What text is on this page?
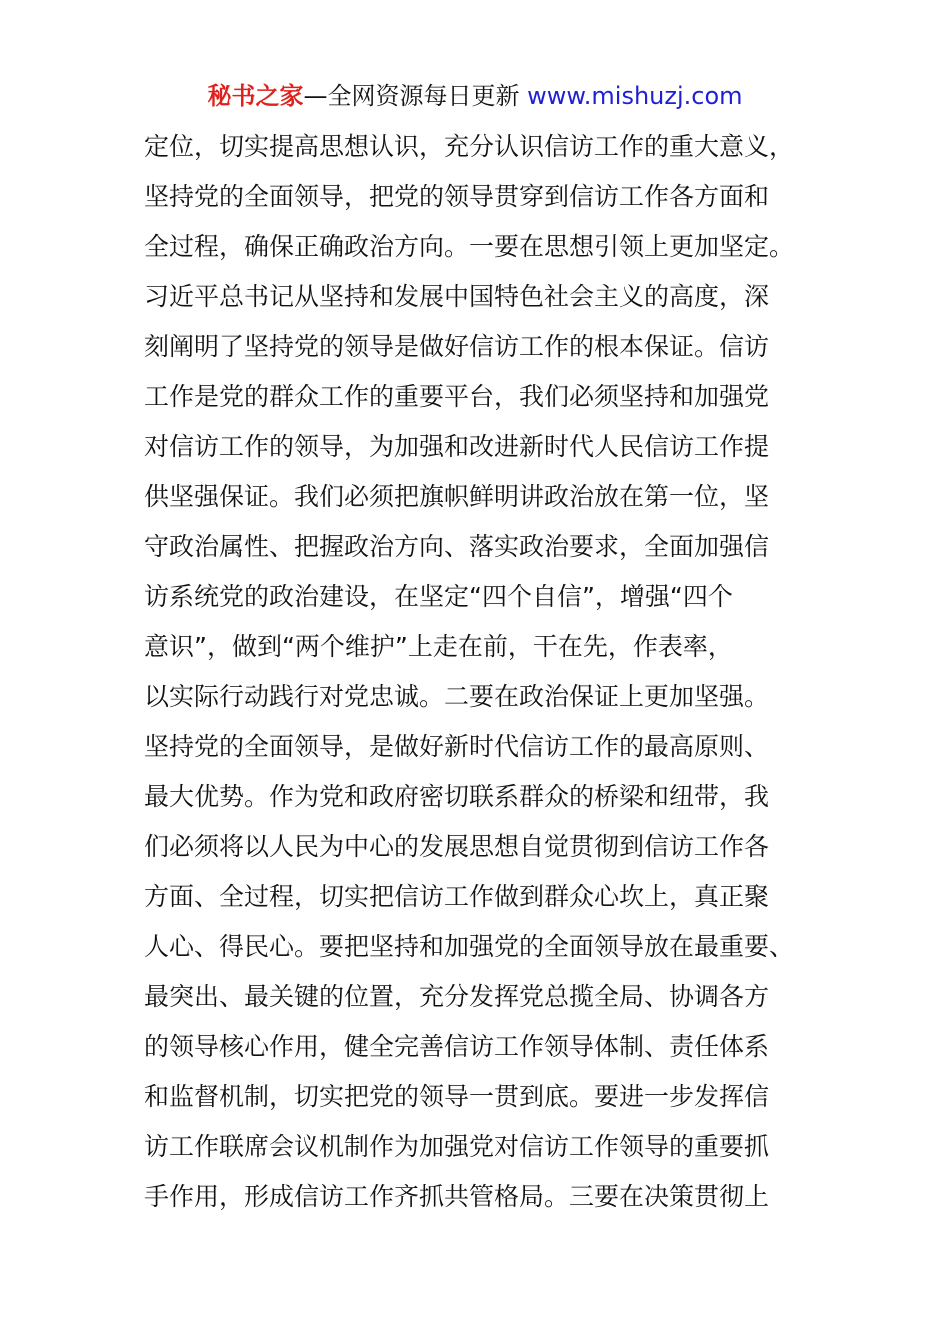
秘书之家—全网资源每日更新 www.mishuzj.com
定位，切实提高思想认识，充分认识信访工作的重大意义，
坚持党的全面领导，把党的领导贯穿到信访工作各方面和
全过程，确保正确政治方向。一要在思想引领上更加坚定。
习近平总书记从坚持和发展中国特色社会主义的高度，深
刻阐明了坚持党的领导是做好信访工作的根本保证。信访
工作是党的群众工作的重要平台，我们必须坚持和加强党
对信访工作的领导，为加强和改进新时代人民信访工作提
供坚强保证。我们必须把旗帜鲜明讲政治放在第一位，坚
守政治属性、把握政治方向、落实政治要求，全面加强信
访系统党的政治建设，在坚定“四个自信”，增强“四个
意识”，做到“两个维护”上走在前，干在先，作表率，
以实际行动践行对党忠诚。二要在政治保证上更加坚强。
坚持党的全面领导，是做好新时代信访工作的最高原则、
最大优势。作为党和政府密切联系群众的桥梁和纽带，我
们必须将以人民为中心的发展思想自觉贯彻到信访工作各
方面、全过程，切实把信访工作做到群众心坎上，真正聚
人心、得民心。要把坚持和加强党的全面领导放在最重要、
最突出、最关键的位置，充分发挥党总揽全局、协调各方
的领导核心作用，健全完善信访工作领导体制、责任体系
和监督机制，切实把党的领导一贯到底。要进一步发挥信
访工作联席会议机制作为加强党对信访工作领导的重要抓
手作用，形成信访工作齐抓共管格局。三要在决策贯彻上
